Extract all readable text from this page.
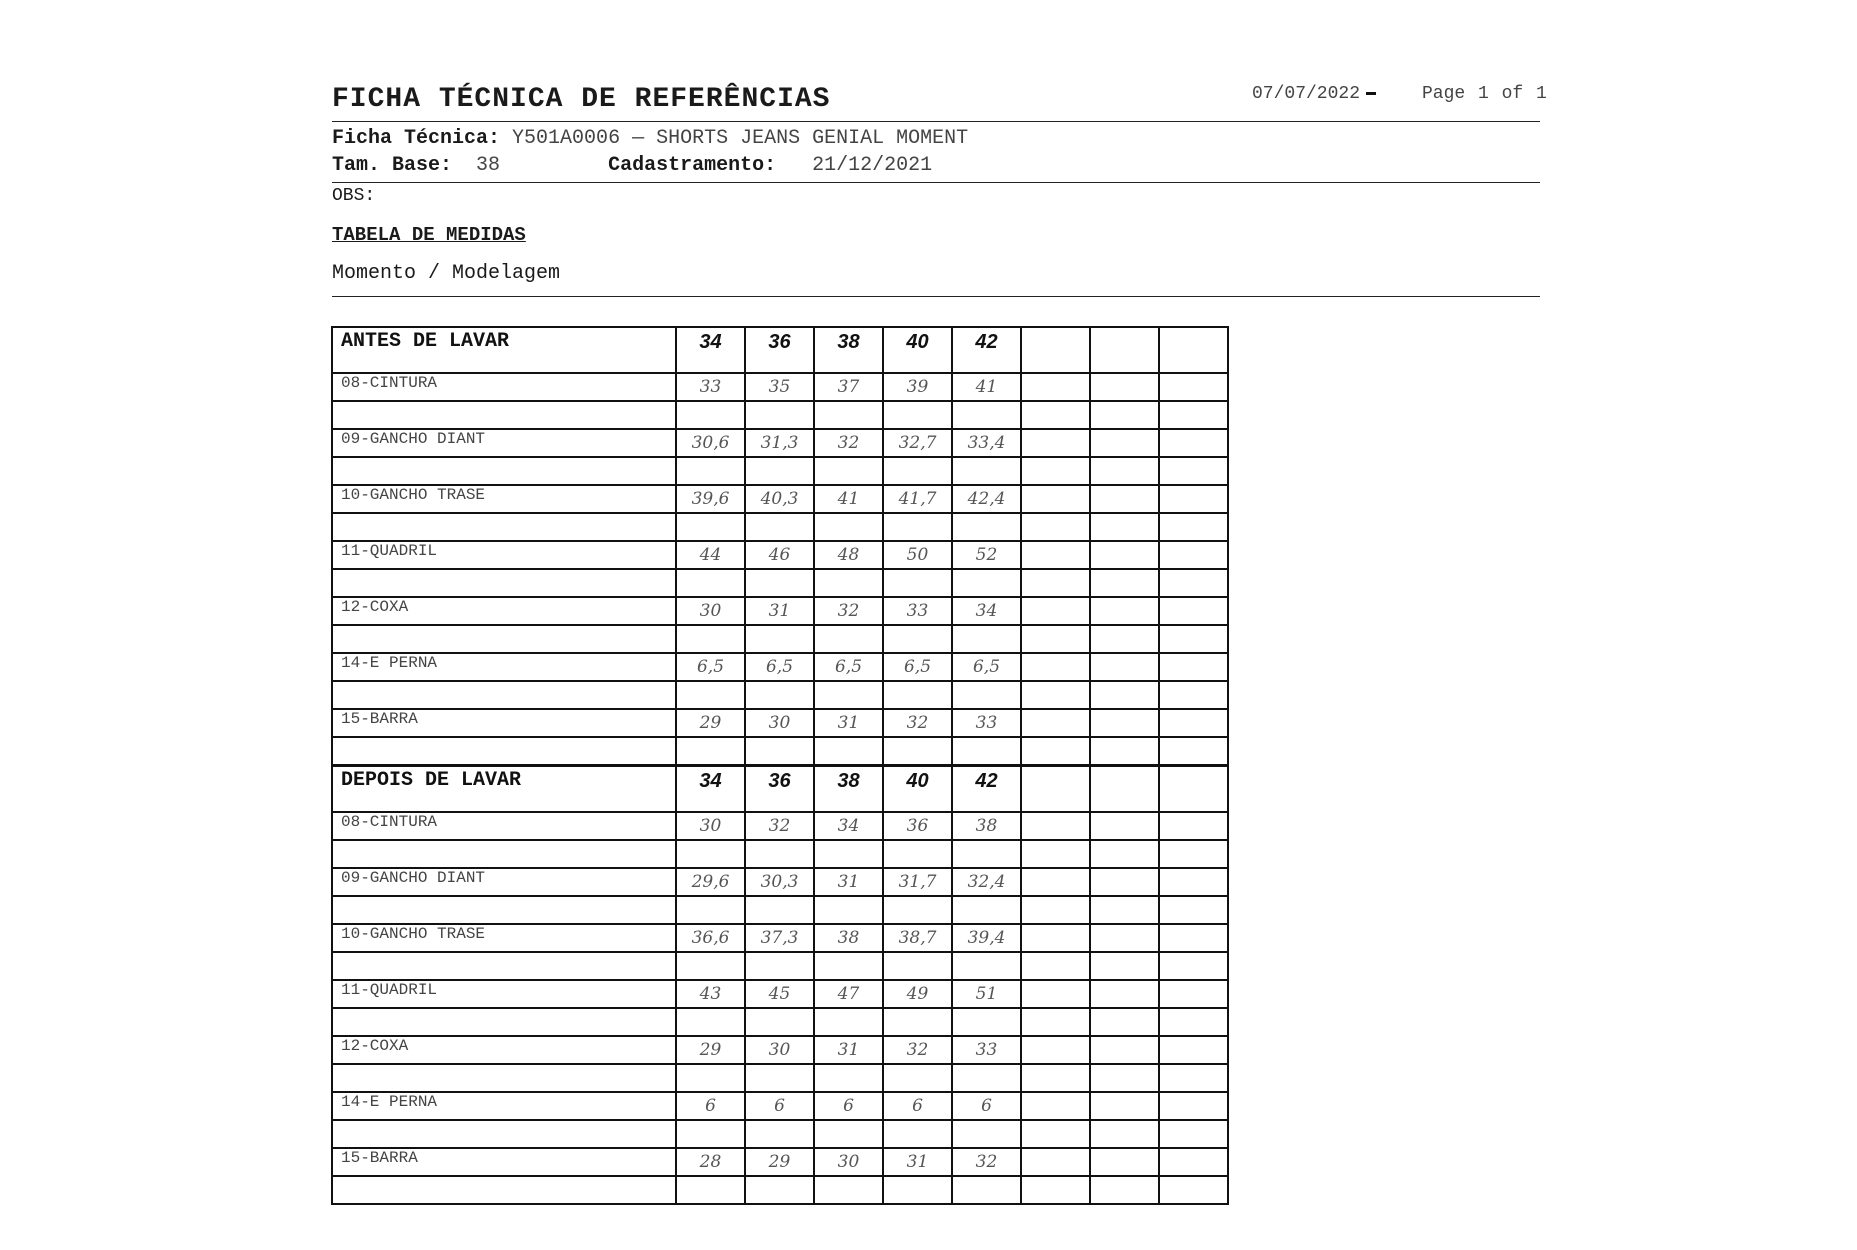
FICHA TÉCNICA DE REFERÊNCIAS	07/07/2022	Page 1 of 1
Ficha Técnica: Y501A0006 — SHORTS JEANS GENIAL MOMENT
Tam. Base: 38	Cadastramento: 21/12/2021
OBS:
TABELA DE MEDIDAS
Momento / Modelagem
ANTES DE LAVAR	34	36	38	40	42			
08-CINTURA	33	35	37	39	41			

09-GANCHO DIANT	30,6	31,3	32	32,7	33,4			

10-GANCHO TRASE	39,6	40,3	41	41,7	42,4			

11-QUADRIL	44	46	48	50	52			

12-COXA	30	31	32	33	34			

14-E PERNA	6,5	6,5	6,5	6,5	6,5			

15-BARRA	29	30	31	32	33			

DEPOIS DE LAVAR	34	36	38	40	42			
08-CINTURA	30	32	34	36	38			

09-GANCHO DIANT	29,6	30,3	31	31,7	32,4			

10-GANCHO TRASE	36,6	37,3	38	38,7	39,4			

11-QUADRIL	43	45	47	49	51			

12-COXA	29	30	31	32	33			

14-E PERNA	6	6	6	6	6			

15-BARRA	28	29	30	31	32			
